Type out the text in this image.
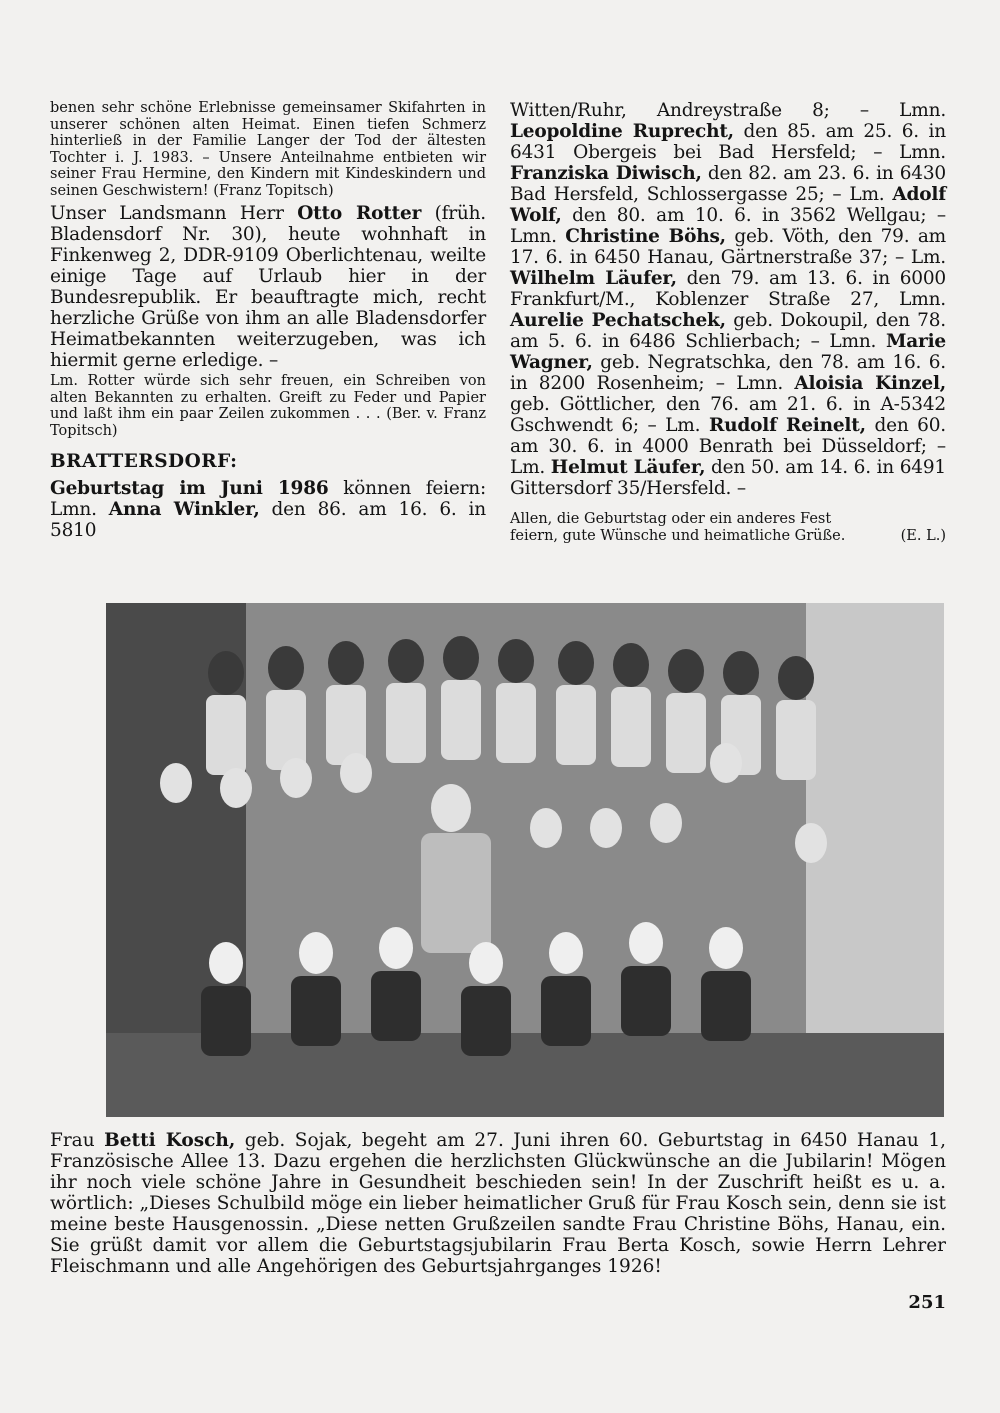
benen sehr schöne Erlebnisse gemeinsamer Skifahrten in unserer schönen alten Heimat. Einen tiefen Schmerz hinterließ in der Familie Langer der Tod der ältesten Tochter i. J. 1983. – Unsere Anteilnahme entbieten wir seiner Frau Hermine, den Kindern mit Kindeskindern und seinen Geschwistern! (Franz Topitsch)

Unser Landsmann Herr Otto Rotter (früh. Bladensdorf Nr. 30), heute wohnhaft in Finkenweg 2, DDR-9109 Oberlichtenau, weilte einige Tage auf Urlaub hier in der Bundesrepublik. Er beauftragte mich, recht herzliche Grüße von ihm an alle Bladensdorfer Heimatbekannten weiterzugeben, was ich hiermit gerne erledige. –

Lm. Rotter würde sich sehr freuen, ein Schreiben von alten Bekannten zu erhalten. Greift zu Feder und Papier und laßt ihm ein paar Zeilen zukommen . . . (Ber. v. Franz Topitsch)

BRATTERSDORF:

Geburtstag im Juni 1986 können feiern: Lmn. Anna Winkler, den 86. am 16. 6. in 5810

Witten/Ruhr, Andreystraße 8; – Lmn. Leopoldine Ruprecht, den 85. am 25. 6. in 6431 Obergeis bei Bad Hersfeld; – Lmn. Franziska Diwisch, den 82. am 23. 6. in 6430 Bad Hersfeld, Schlossergasse 25; – Lm. Adolf Wolf, den 80. am 10. 6. in 3562 Wellgau; – Lmn. Christine Böhs, geb. Vöth, den 79. am 17. 6. in 6450 Hanau, Gärtnerstraße 37; – Lm. Wilhelm Läufer, den 79. am 13. 6. in 6000 Frankfurt/M., Koblenzer Straße 27, Lmn. Aurelie Pechatschek, geb. Dokoupil, den 78. am 5. 6. in 6486 Schlierbach; – Lmn. Marie Wagner, geb. Negratschka, den 78. am 16. 6. in 8200 Rosenheim; – Lmn. Aloisia Kinzel, geb. Göttlicher, den 76. am 21. 6. in A-5342 Gschwendt 6; – Lm. Rudolf Reinelt, den 60. am 30. 6. in 4000 Benrath bei Düsseldorf; – Lm. Helmut Läufer, den 50. am 14. 6. in 6491 Gittersdorf 35/Hersfeld. –

Allen, die Geburtstag oder ein anderes Fest feiern, gute Wünsche und heimatliche Grüße.	(E. L.)

Frau Betti Kosch, geb. Sojak, begeht am 27. Juni ihren 60. Geburtstag in 6450 Hanau 1, Französische Allee 13. Dazu ergehen die herzlichsten Glückwünsche an die Jubilarin! Mögen ihr noch viele schöne Jahre in Gesundheit beschieden sein! In der Zuschrift heißt es u. a. wörtlich: „Dieses Schulbild möge ein lieber heimatlicher Gruß für Frau Kosch sein, denn sie ist meine beste Hausgenossin. „Diese netten Grußzeilen sandte Frau Christine Böhs, Hanau, ein. Sie grüßt damit vor allem die Geburtstagsjubilarin Frau Berta Kosch, sowie Herrn Lehrer Fleischmann und alle Angehörigen des Geburtsjahrganges 1926!

251
